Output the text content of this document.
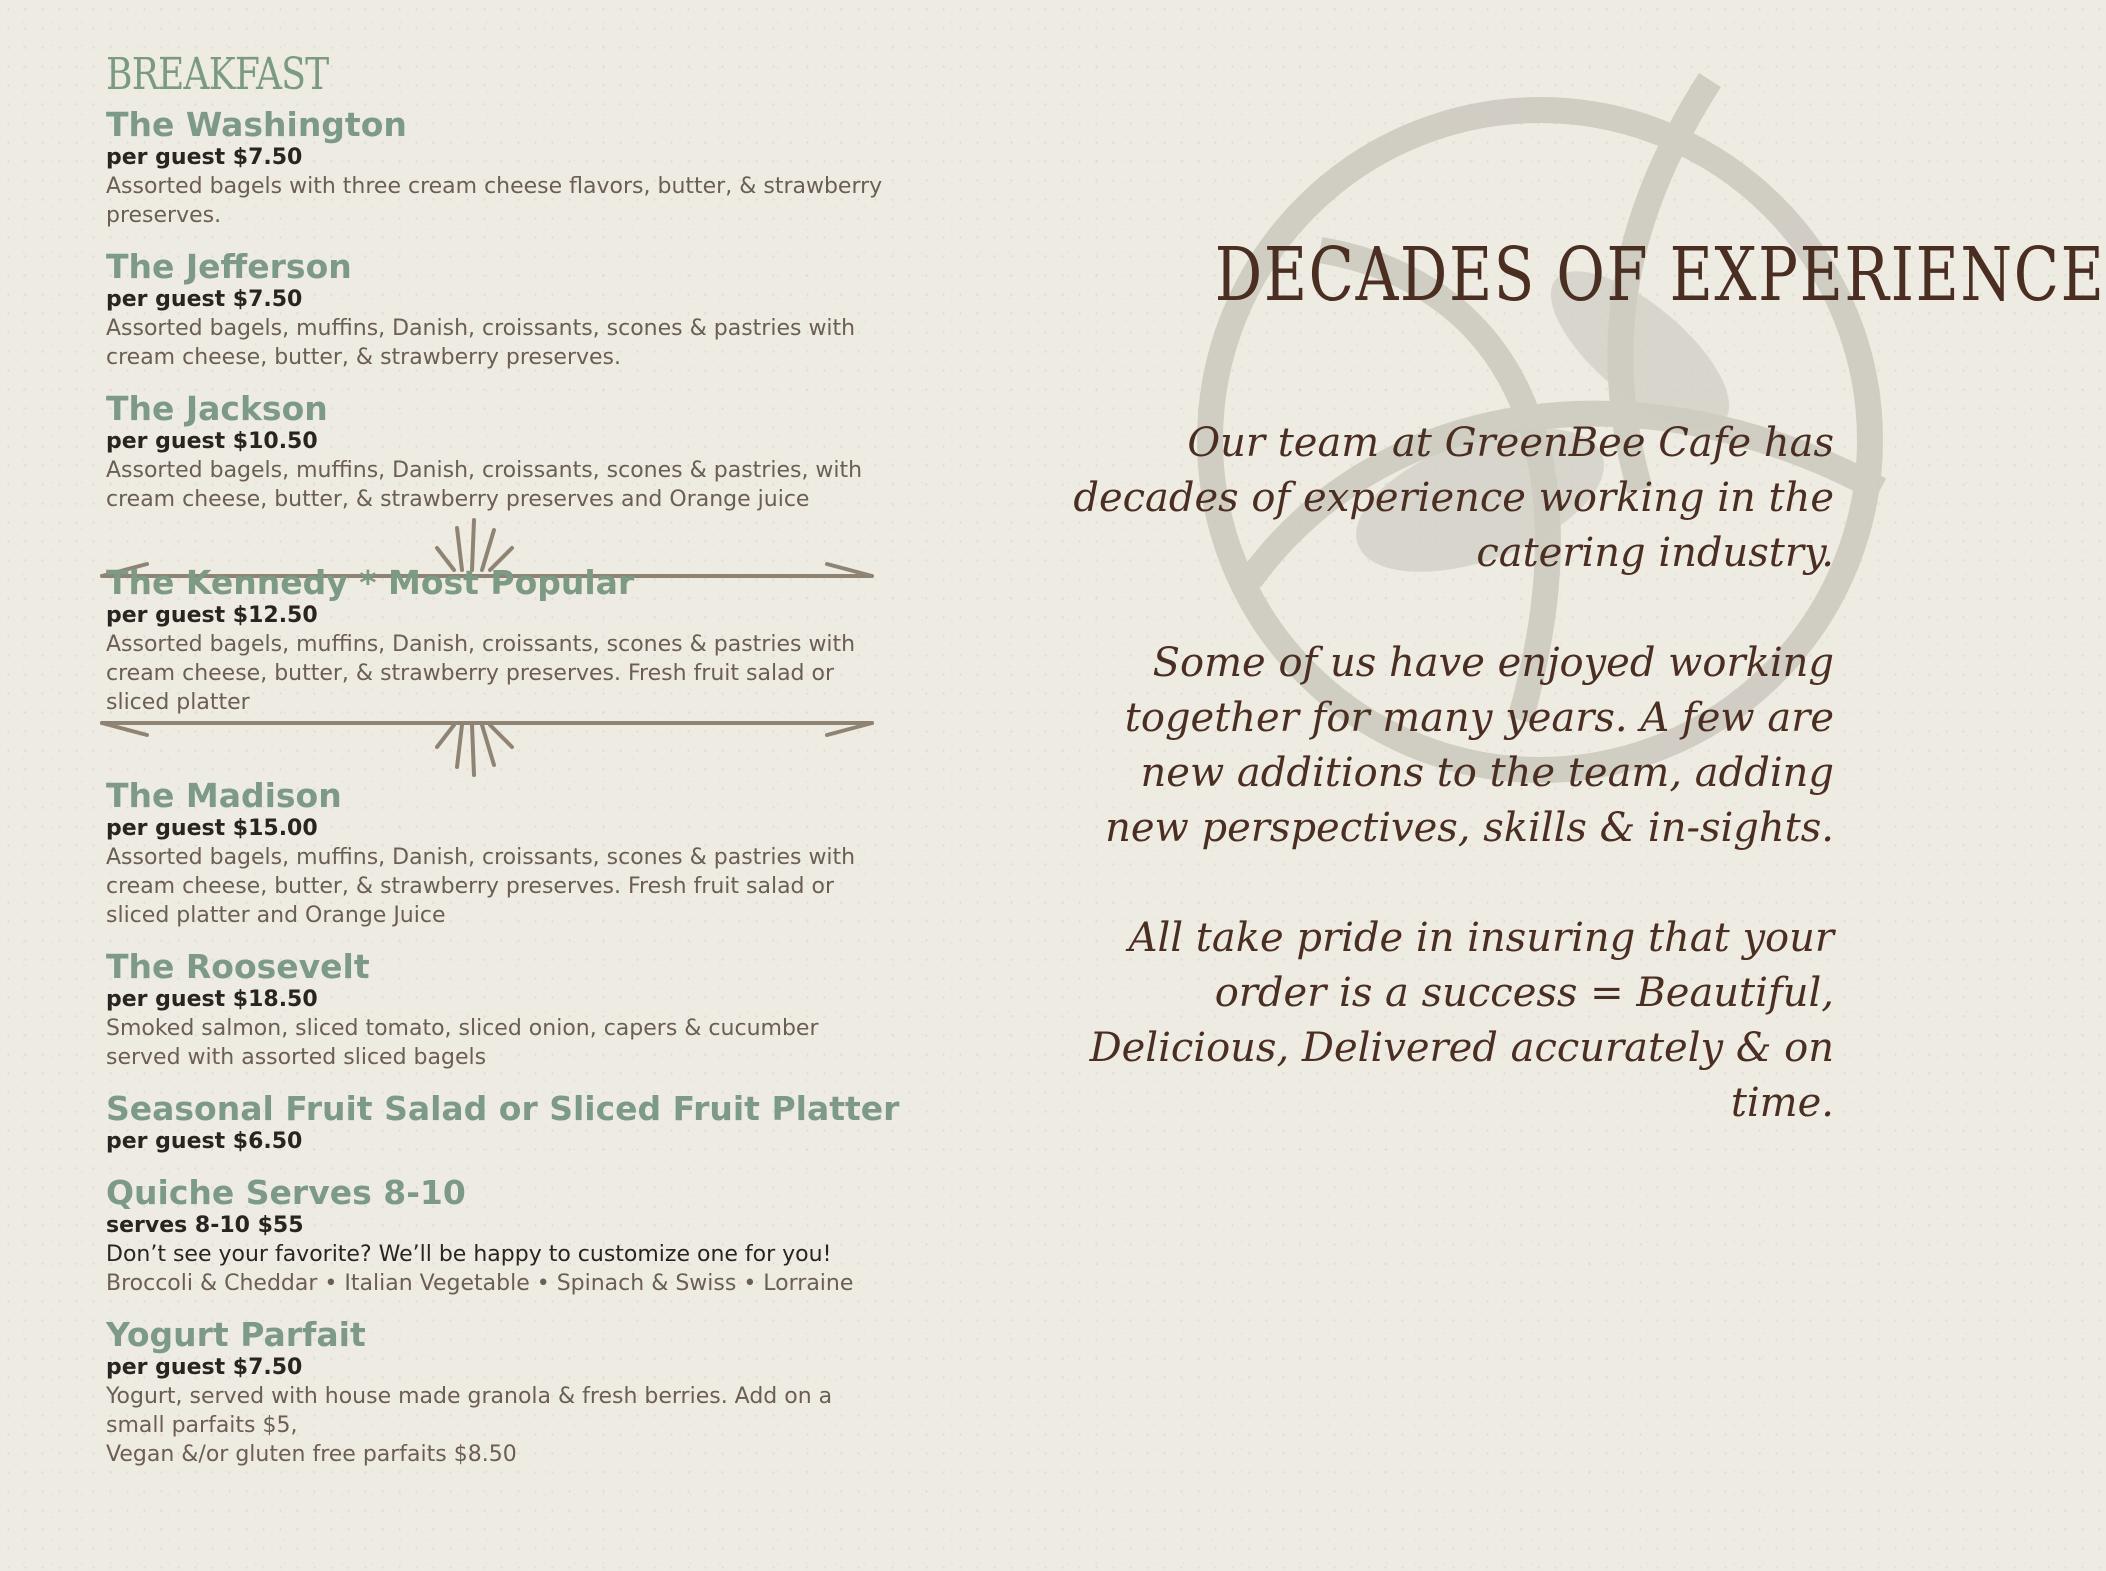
BREAKFAST
The Washington
per guest $7.50
Assorted bagels with three cream cheese flavors, butter, & strawberry preserves.
The Jefferson
per guest $7.50
Assorted bagels, muffins, Danish, croissants, scones & pastries with cream cheese, butter, & strawberry preserves.
The Jackson
per guest $10.50
Assorted bagels, muffins, Danish, croissants, scones & pastries, with cream cheese, butter, & strawberry preserves and Orange juice
The Kennedy * Most Popular
per guest $12.50
Assorted bagels, muffins, Danish, croissants, scones & pastries with cream cheese, butter, & strawberry preserves. Fresh fruit salad or sliced platter
The Madison
per guest $15.00
Assorted bagels, muffins, Danish, croissants, scones & pastries with cream cheese, butter, & strawberry preserves. Fresh fruit salad or sliced platter and Orange Juice
The Roosevelt
per guest $18.50
Smoked salmon, sliced tomato, sliced onion, capers & cucumber served with assorted sliced bagels
Seasonal Fruit Salad or Sliced Fruit Platter
per guest $6.50
Quiche Serves 8-10
serves 8-10 $55
Don’t see your favorite? We’ll be happy to customize one for you!
Broccoli & Cheddar • Italian Vegetable • Spinach & Swiss • Lorraine
Yogurt Parfait
per guest $7.50
Yogurt, served with house made granola & fresh berries. Add on a small parfaits $5,
Vegan &/or gluten free parfaits $8.50
DECADES OF EXPERIENCE
Our team at GreenBee Cafe has decades of experience working in the catering industry.
Some of us have enjoyed working together for many years. A few are new additions to the team, adding new perspectives, skills & in-sights.
All take pride in insuring that your order is a success = Beautiful, Delicious, Delivered accurately & on time.
